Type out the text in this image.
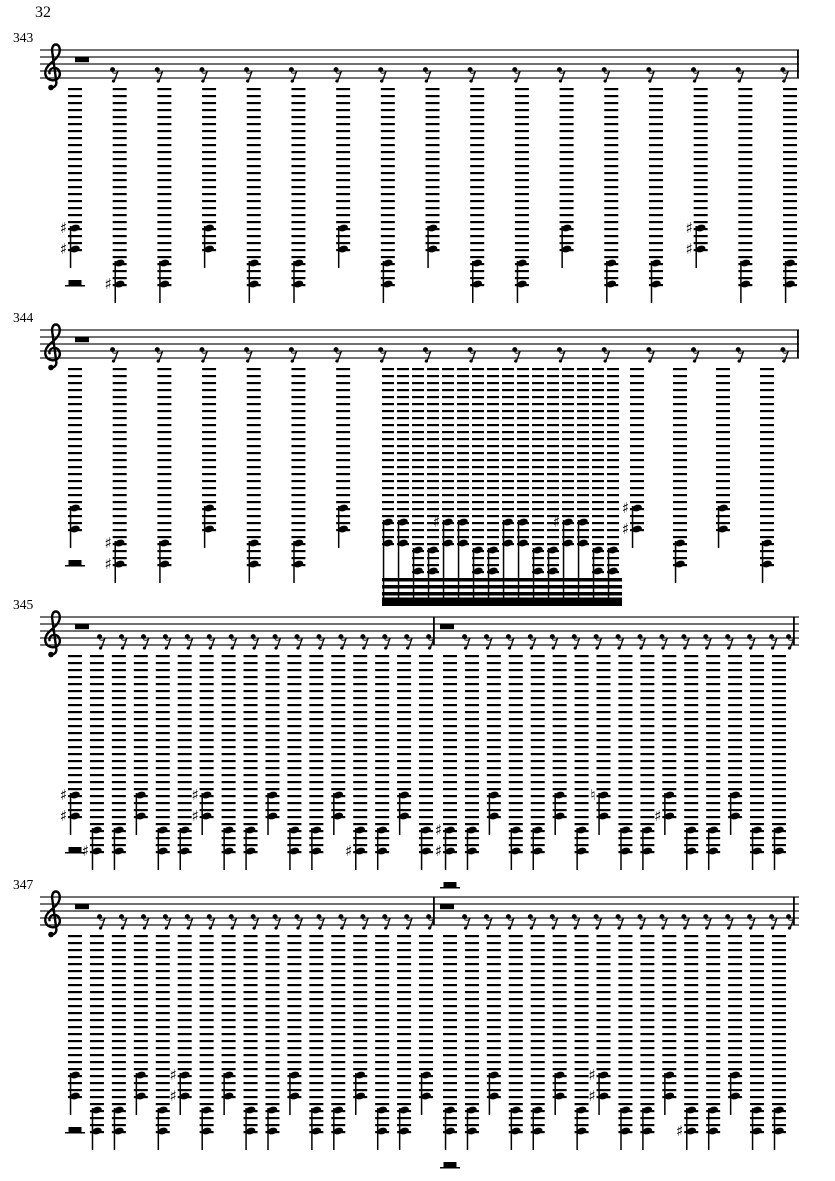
32
343
344
345
347
♯
♯
♯
♯
♯
♯
♯
♯	♯
♯
♯
♯
♯
♯
♯
♯
♯
♯
♯
♮
♯
♯
♯
♯
♯
♯
